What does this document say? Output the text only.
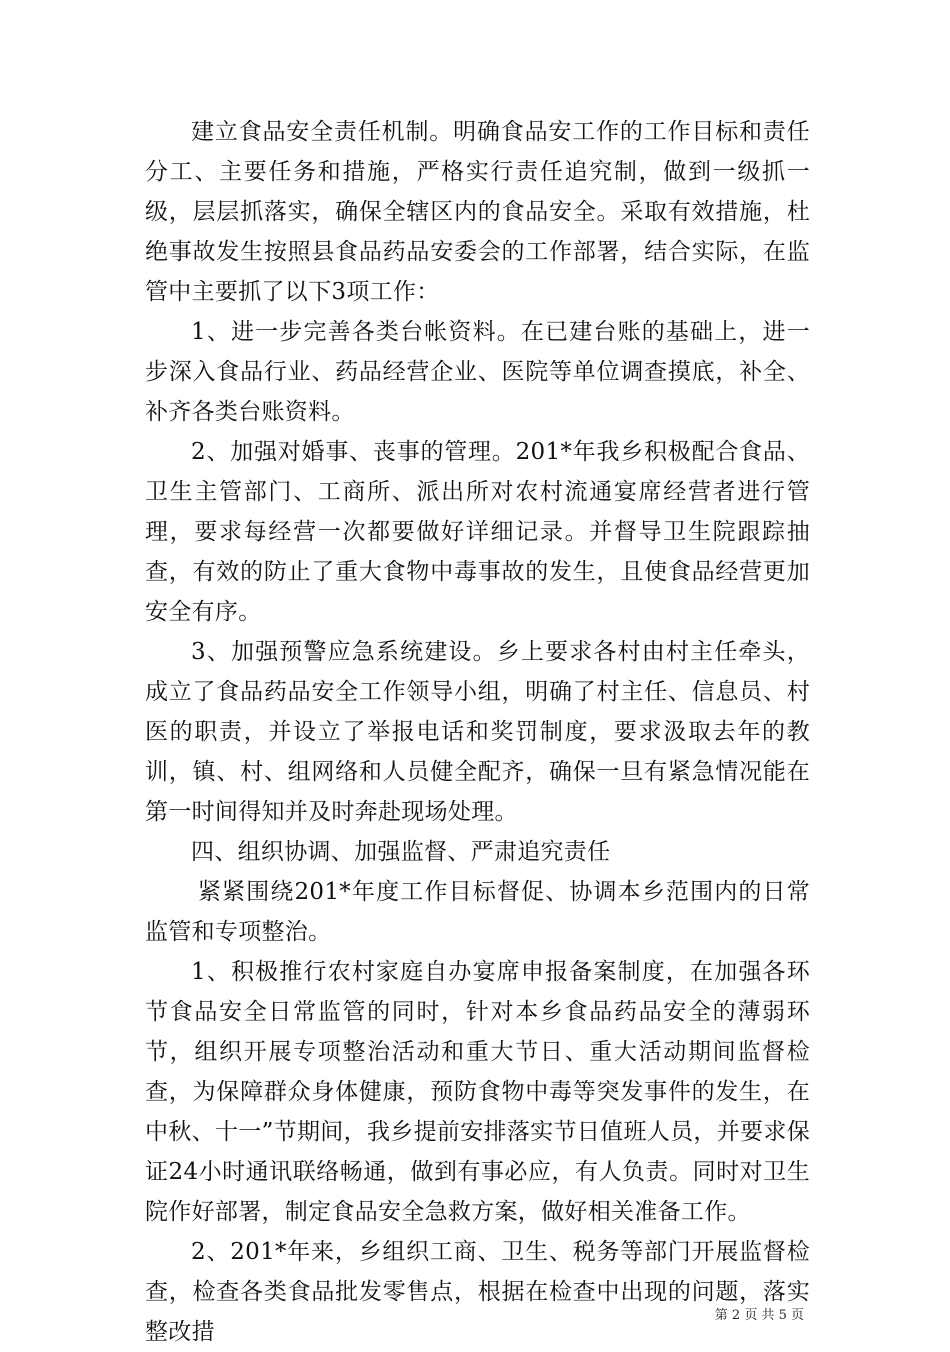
建立食品安全责任机制。明确食品安工作的工作目标和责任分工、主要任务和措施，严格实行责任追究制，做到一级抓一级，层层抓落实，确保全辖区内的食品安全。采取有效措施，杜绝事故发生按照县食品药品安委会的工作部署，结合实际，在监管中主要抓了以下3项工作：

1、进一步完善各类台帐资料。在已建台账的基础上，进一步深入食品行业、药品经营企业、医院等单位调查摸底，补全、补齐各类台账资料。

2、加强对婚事、丧事的管理。201*年我乡积极配合食品、卫生主管部门、工商所、派出所对农村流通宴席经营者进行管理，要求每经营一次都要做好详细记录。并督导卫生院跟踪抽查，有效的防止了重大食物中毒事故的发生，且使食品经营更加安全有序。

3、加强预警应急系统建设。乡上要求各村由村主任牵头，成立了食品药品安全工作领导小组，明确了村主任、信息员、村医的职责，并设立了举报电话和奖罚制度，要求汲取去年的教训，镇、村、组网络和人员健全配齐，确保一旦有紧急情况能在第一时间得知并及时奔赴现场处理。

四、组织协调、加强监督、严肃追究责任

紧紧围绕201*年度工作目标督促、协调本乡范围内的日常监管和专项整治。

1、积极推行农村家庭自办宴席申报备案制度，在加强各环节食品安全日常监管的同时，针对本乡食品药品安全的薄弱环节，组织开展专项整治活动和重大节日、重大活动期间监督检查，为保障群众身体健康，预防食物中毒等突发事件的发生，在中秋、十一”节期间，我乡提前安排落实节日值班人员，并要求保证24小时通讯联络畅通，做到有事必应，有人负责。同时对卫生院作好部署，制定食品安全急救方案，做好相关准备工作。

2、201*年来，乡组织工商、卫生、税务等部门开展监督检查，检查各类食品批发零售点，根据在检查中出现的问题，落实整改措

第 2 页 共 5 页
